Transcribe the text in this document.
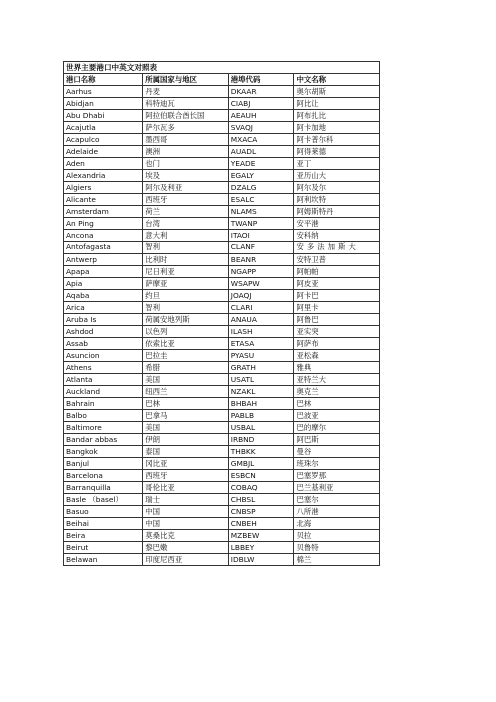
世界主要港口中英文对照表			
港口名称	所属国家与地区	港埠代码	中文名称
Aarhus	丹麦	DKAAR	奥尔胡斯
Abidjan	科特迪瓦	CIABJ	阿比让
Abu Dhabi	阿拉伯联合酋长国	AEAUH	阿布扎比
Acajutla	萨尔瓦多	SVAQJ	阿卡加地
Acapulco	墨西哥	MXACA	阿卡普尔科
Adelaide	澳洲	AUADL	阿得莱德
Aden	也门	YEADE	亚丁
Alexandria	埃及	EGALY	亚历山大
Algiers	阿尔及利亚	DZALG	阿尔及尔
Alicante	西班牙	ESALC	阿利坎特
Amsterdam	荷兰	NLAMS	阿姆斯特丹
An Ping	台湾	TWANP	安平港
Ancona	意大利	ITAOI	安科纳
Antofagasta	智利	CLANF	安多法加斯大
Antwerp	比利时	BEANR	安特卫普
Apapa	尼日利亚	NGAPP	阿帕帕
Apia	萨摩亚	WSAPW	阿皮亚
Aqaba	约旦	JOAQJ	阿卡巴
Arica	智利	CLARI	阿里卡
Aruba Is	荷属安地列斯	ANAUA	阿鲁巴
Ashdod	以色列	ILASH	亚实突
Assab	依索比亚	ETASA	阿萨布
Asuncion	巴拉圭	PYASU	亚松森
Athens	希腊	GRATH	雅典
Atlanta	美国	USATL	亚特兰大
Auckland	纽西兰	NZAKL	奥克兰
Bahrain	巴林	BHBAH	巴林
Balbo	巴拿马	PABLB	巴波亚
Baltimore	美国	USBAL	巴的摩尔
Bandar abbas	伊朗	IRBND	阿巴斯
Bangkok	泰国	THBKK	曼谷
Banjul	冈比亚	GMBJL	班珠尔
Barcelona	西班牙	ESBCN	巴塞罗那
Barranquilla	哥伦比亚	COBAQ	巴兰基利亚
Basle （basel）	瑞士	CHBSL	巴塞尔
Basuo	中国	CNBSP	八所港
Beihai	中国	CNBEH	北海
Beira	莫桑比克	MZBEW	贝拉
Beirut	黎巴嫩	LBBEY	贝鲁特
Belawan	印度尼西亚	IDBLW	棉兰
